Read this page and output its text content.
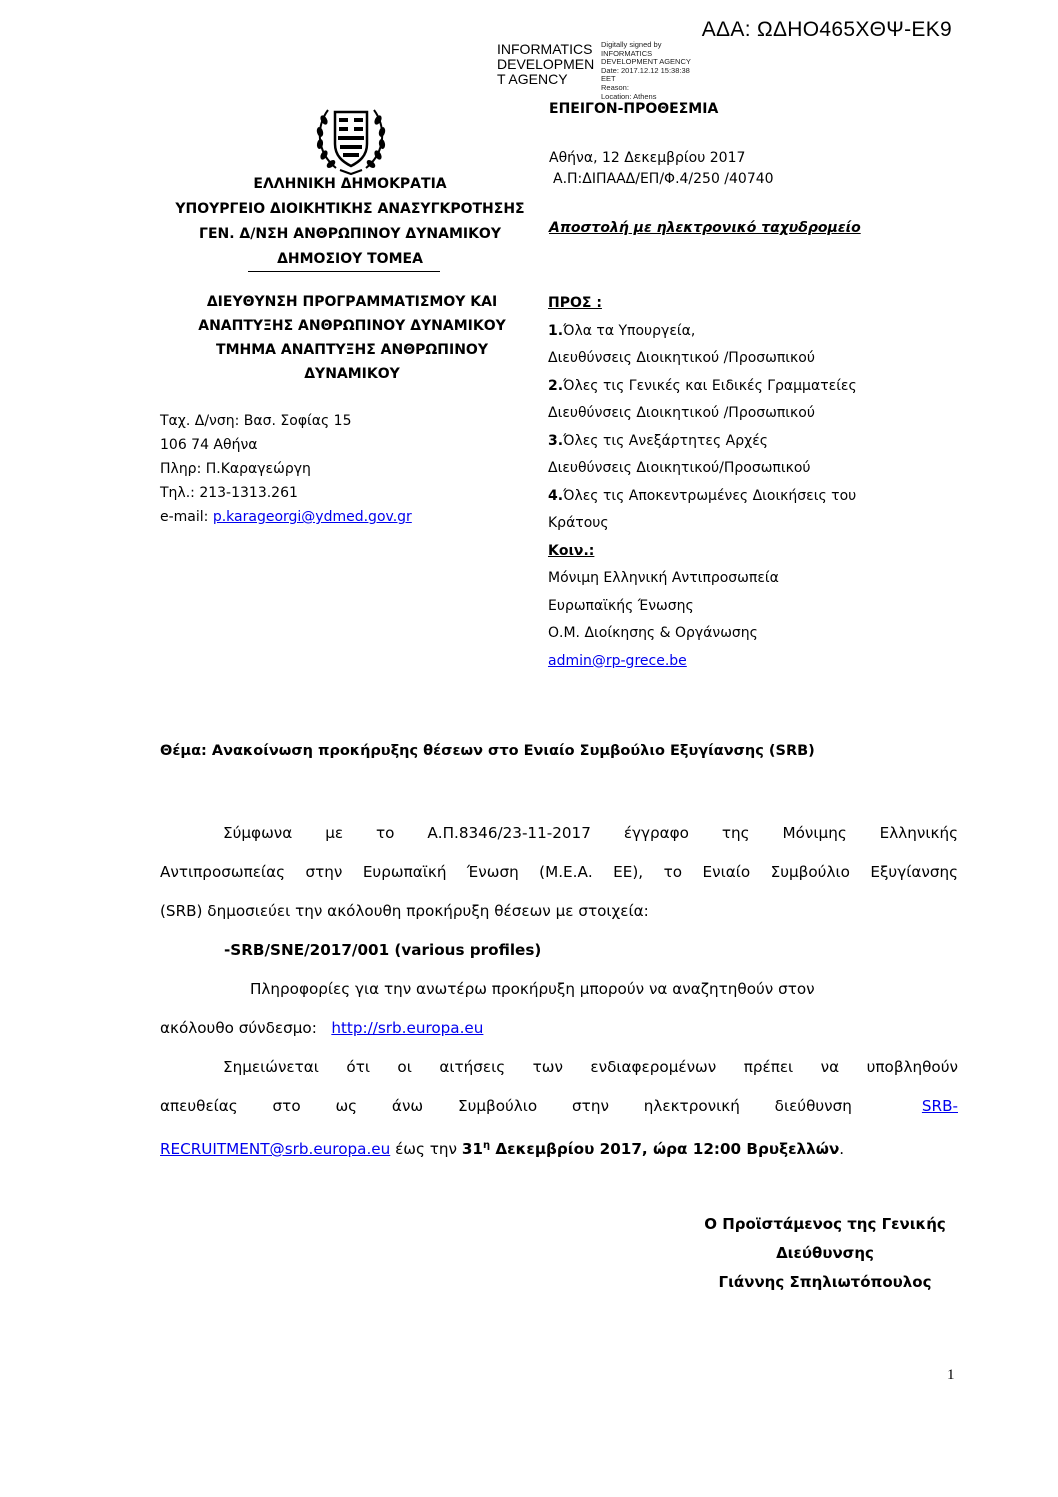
ΑΔΑ: ΩΔΗΟ465ΧΘΨ-ΕΚ9
INFORMATICS
DEVELOPMEN
T AGENCY
Digitally signed by
INFORMATICS
DEVELOPMENT AGENCY
Date: 2017.12.12 15:38:38
EET
Reason:
Location: Athens
ΕΛΛΗΝΙΚΗ ΔΗΜΟΚΡΑΤΙΑ
ΥΠΟΥΡΓΕΙΟ ΔΙΟΙΚΗΤΙΚΗΣ ΑΝΑΣΥΓΚΡΟΤΗΣΗΣ
ΓΕΝ. Δ/ΝΣΗ ΑΝΘΡΩΠΙΝΟΥ ΔΥΝΑΜΙΚΟΥ
ΔΗΜΟΣΙΟΥ ΤΟΜΕΑ
ΔΙΕΥΘΥΝΣΗ ΠΡΟΓΡΑΜΜΑΤΙΣΜΟΥ ΚΑΙ
ΑΝΑΠΤΥΞΗΣ ΑΝΘΡΩΠΙΝΟΥ ΔΥΝΑΜΙΚΟΥ
ΤΜΗΜΑ ΑΝΑΠΤΥΞΗΣ ΑΝΘΡΩΠΙΝΟΥ
ΔΥΝΑΜΙΚΟΥ
Ταχ. Δ/νση: Βασ. Σοφίας 15
106 74 Αθήνα
Πληρ: Π.Καραγεώργη
Τηλ.: 213-1313.261
e-mail: p.karageorgi@ydmed.gov.gr
ΕΠΕΙΓΟΝ-ΠΡΟΘΕΣΜΙΑ
Αθήνα, 12 Δεκεμβρίου 2017
Α.Π:ΔΙΠΑΑΔ/ΕΠ/Φ.4/250 /40740
Αποστολή με ηλεκτρονικό ταχυδρομείο
ΠΡΟΣ :
1.Όλα τα Υπουργεία,
Διευθύνσεις Διοικητικού /Προσωπικού
2.Όλες τις Γενικές και Ειδικές Γραμματείες
Διευθύνσεις Διοικητικού /Προσωπικού
3.Όλες τις Ανεξάρτητες Αρχές
Διευθύνσεις Διοικητικού/Προσωπικού
4.Όλες τις Αποκεντρωμένες Διοικήσεις του
Κράτους
Κοιν.:
Μόνιμη Ελληνική Αντιπροσωπεία
Ευρωπαϊκής Ένωσης
Ο.Μ. Διοίκησης & Οργάνωσης
admin@rp-grece.be
Θέμα: Ανακοίνωση προκήρυξης θέσεων στο Ενιαίο Συμβούλιο Εξυγίανσης (SRB)
Σύμφωνα με το Α.Π.8346/23-11-2017 έγγραφο της Μόνιμης Ελληνικής
Αντιπροσωπείας στην Ευρωπαϊκή Ένωση (Μ.Ε.Α. ΕΕ), το Ενιαίο Συμβούλιο Εξυγίανσης
(SRB) δημοσιεύει την ακόλουθη προκήρυξη θέσεων με στοιχεία:
-SRB/SNE/2017/001 (various profiles)
Πληροφορίες για την ανωτέρω προκήρυξη μπορούν να αναζητηθούν στον
ακόλουθο σύνδεσμο: http://srb.europa.eu
Σημειώνεται ότι οι αιτήσεις των ενδιαφερομένων πρέπει να υποβληθούν
απευθείας στο ως άνω Συμβούλιο στην ηλεκτρονική διεύθυνση	SRB-
RECRUITMENT@srb.europa.eu έως την $31^\eta$ Δεκεμβρίου 2017, ώρα 12:00 Βρυξελλών.
Ο Προϊστάμενος της Γενικής
Διεύθυνσης
Γιάννης Σπηλιωτόπουλος
1
